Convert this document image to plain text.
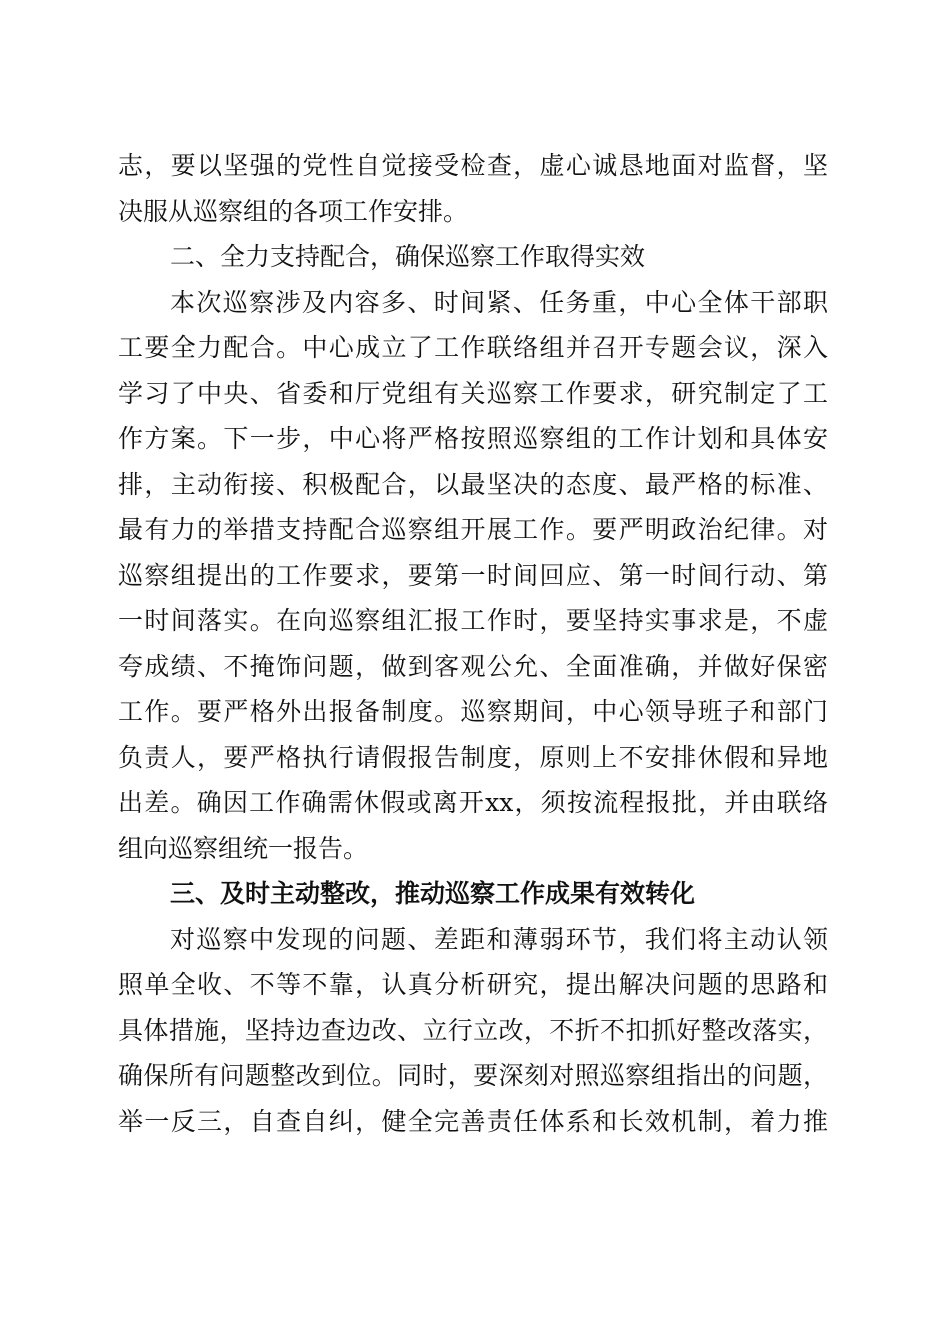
志，要以坚强的党性自觉接受检查，虚心诚恳地面对监督，坚
决服从巡察组的各项工作安排。
二、全力支持配合，确保巡察工作取得实效
本次巡察涉及内容多、时间紧、任务重，中心全体干部职
工要全力配合。中心成立了工作联络组并召开专题会议，深入
学习了中央、省委和厅党组有关巡察工作要求，研究制定了工
作方案。下一步，中心将严格按照巡察组的工作计划和具体安
排，主动衔接、积极配合，以最坚决的态度、最严格的标准、
最有力的举措支持配合巡察组开展工作。要严明政治纪律。对
巡察组提出的工作要求，要第一时间回应、第一时间行动、第
一时间落实。在向巡察组汇报工作时，要坚持实事求是，不虚
夸成绩、不掩饰问题，做到客观公允、全面准确，并做好保密
工作。要严格外出报备制度。巡察期间，中心领导班子和部门
负责人，要严格执行请假报告制度，原则上不安排休假和异地
出差。确因工作确需休假或离开xx，须按流程报批，并由联络
组向巡察组统一报告。
三、及时主动整改，推动巡察工作成果有效转化
对巡察中发现的问题、差距和薄弱环节，我们将主动认领
照单全收、不等不靠，认真分析研究，提出解决问题的思路和
具体措施，坚持边查边改、立行立改，不折不扣抓好整改落实，
确保所有问题整改到位。同时，要深刻对照巡察组指出的问题，
举一反三，自查自纠，健全完善责任体系和长效机制，着力推
